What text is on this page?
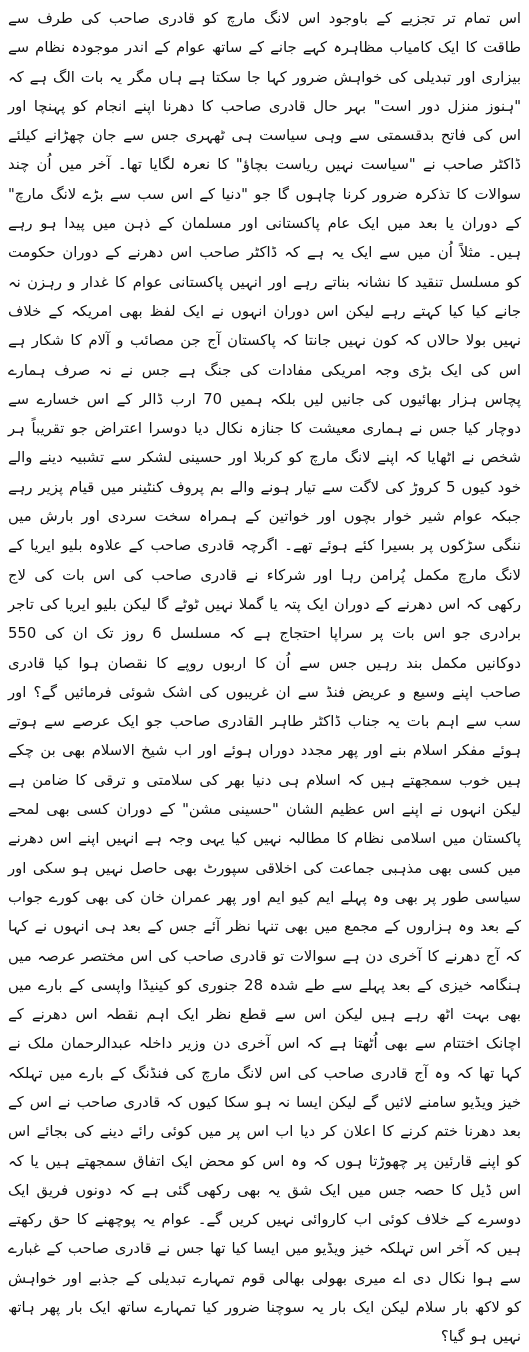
اس تمام تر تجزیے کے باوجود اس لانگ مارچ کو قادری صاحب کی طرف سے طاقت کا ایک کامیاب مظاہرہ کہے جانے کے ساتھ عوام کے اندر موجودہ نظام سے بیزاری اور تبدیلی کی خواہش ضرور کہا جا سکتا ہے ہاں مگر یہ بات الگ ہے کہ "ہنوز منزل دور است" بہر حال قادری صاحب کا دھرنا اپنے انجام کو پہنچا اور اس کی فاتح بدقسمتی سے وہی سیاست ہی ٹھہری جس سے جان چھڑانے کیلئے ڈاکٹر صاحب نے "سیاست نہیں ریاست بچاؤ" کا نعرہ لگایا تھا۔ آخر میں اُن چند سوالات کا تذکرہ ضرور کرنا چاہوں گا جو "دنیا کے اس سب سے بڑے لانگ مارچ" کے دوران یا بعد میں ایک عام پاکستانی اور مسلمان کے ذہن میں پیدا ہو رہے ہیں۔ مثلاً اُن میں سے ایک یہ ہے کہ ڈاکٹر صاحب اس دھرنے کے دوران حکومت کو مسلسل تنقید کا نشانہ بناتے رہے اور انہیں پاکستانی عوام کا غدار و رہزن نہ جانے کیا کیا کہتے رہے لیکن اس دوران انہوں نے ایک لفظ بھی امریکہ کے خلاف نہیں بولا حالاں کہ کون نہیں جانتا کہ پاکستان آج جن مصائب و آلام کا شکار ہے اس کی ایک بڑی وجہ امریکی مفادات کی جنگ ہے جس نے نہ صرف ہمارے پچاس ہزار بھائیوں کی جانیں لیں بلکہ ہمیں 70 ارب ڈالر کے اس خسارے سے دوچار کیا جس نے ہماری معیشت کا جنازہ نکال دیا دوسرا اعتراض جو تقریباً ہر شخص نے اٹھایا کہ اپنے لانگ مارچ کو کربلا اور حسینی لشکر سے تشبیہ دینے والے خود کیوں 5 کروڑ کی لاگت سے تیار ہونے والے بم پروف کنٹینر میں قیام پزیر رہے جبکہ عوام شیر خوار بچوں اور خواتین کے ہمراہ سخت سردی اور بارش میں ننگی سڑکوں پر بسیرا کئے ہوئے تھے۔ اگرچہ قادری صاحب کے علاوہ بلیو ایریا کے لانگ مارچ مکمل پُرامن رہا اور شرکاء نے قادری صاحب کی اس بات کی لاج رکھی کہ اس دھرنے کے دوران ایک پتہ یا گملا نہیں ٹوٹے گا لیکن بلیو ایریا کی تاجر برادری جو اس بات پر سراپا احتجاج ہے کہ مسلسل 6 روز تک ان کی 550 دوکانیں مکمل بند رہیں جس سے اُن کا اربوں روپے کا نقصان ہوا کیا قادری صاحب اپنے وسیع و عریض فنڈ سے ان غریبوں کی اشک شوئی فرمائیں گے؟ اور سب سے اہم بات یہ جناب ڈاکٹر طاہر القادری صاحب جو ایک عرصے سے ہوتے ہوئے مفکر اسلام بنے اور پھر مجدد دوراں ہوئے اور اب شیخ الاسلام بھی بن چکے ہیں خوب سمجھتے ہیں کہ اسلام ہی دنیا بھر کی سلامتی و ترقی کا ضامن ہے لیکن انہوں نے اپنے اس عظیم الشان "حسینی مشن" کے دوران کسی بھی لمحے پاکستان میں اسلامی نظام کا مطالبہ نہیں کیا یہی وجہ ہے انہیں اپنے اس دھرنے میں کسی بھی مذہبی جماعت کی اخلاقی سپورٹ بھی حاصل نہیں ہو سکی اور سیاسی طور پر بھی وہ پہلے ایم کیو ایم اور پھر عمران خان کی بھی کورے جواب کے بعد وہ ہزاروں کے مجمع میں بھی تنہا نظر آئے جس کے بعد ہی انہوں نے کہا کہ آج دھرنے کا آخری دن ہے سوالات تو قادری صاحب کی اس مختصر عرصہ میں ہنگامہ خیزی کے بعد پہلے سے طے شدہ 28 جنوری کو کینیڈا واپسی کے بارے میں بھی بہت اٹھ رہے ہیں لیکن اس سے قطع نظر ایک اہم نقطہ اس دھرنے کے اچانک اختتام سے بھی اُٹھتا ہے کہ اس آخری دن وزیر داخلہ عبدالرحمان ملک نے کہا تھا کہ وہ آج قادری صاحب کی اس لانگ مارچ کی فنڈنگ کے بارے میں تہلکہ خیز ویڈیو سامنے لائیں گے لیکن ایسا نہ ہو سکا کیوں کہ قادری صاحب نے اس کے بعد دھرنا ختم کرنے کا اعلان کر دیا اب اس پر میں کوئی رائے دینے کی بجائے اس کو اپنے قارئین پر چھوڑتا ہوں کہ وہ اس کو محض ایک اتفاق سمجھتے ہیں یا کہ اس ڈیل کا حصہ جس میں ایک شق یہ بھی رکھی گئی ہے کہ دونوں فریق ایک دوسرے کے خلاف کوئی اب کاروائی نہیں کریں گے۔ عوام یہ پوچھنے کا حق رکھتے ہیں کہ آخر اس تہلکہ خیز ویڈیو میں ایسا کیا تھا جس نے قادری صاحب کے غبارے سے ہوا نکال دی اے میری بھولی بھالی قوم تمہارے تبدیلی کے جذبے اور خواہش کو لاکھ بار سلام لیکن ایک بار یہ سوچنا ضرور کیا تمہارے ساتھ ایک بار پھر ہاتھ نہیں ہو گیا؟
